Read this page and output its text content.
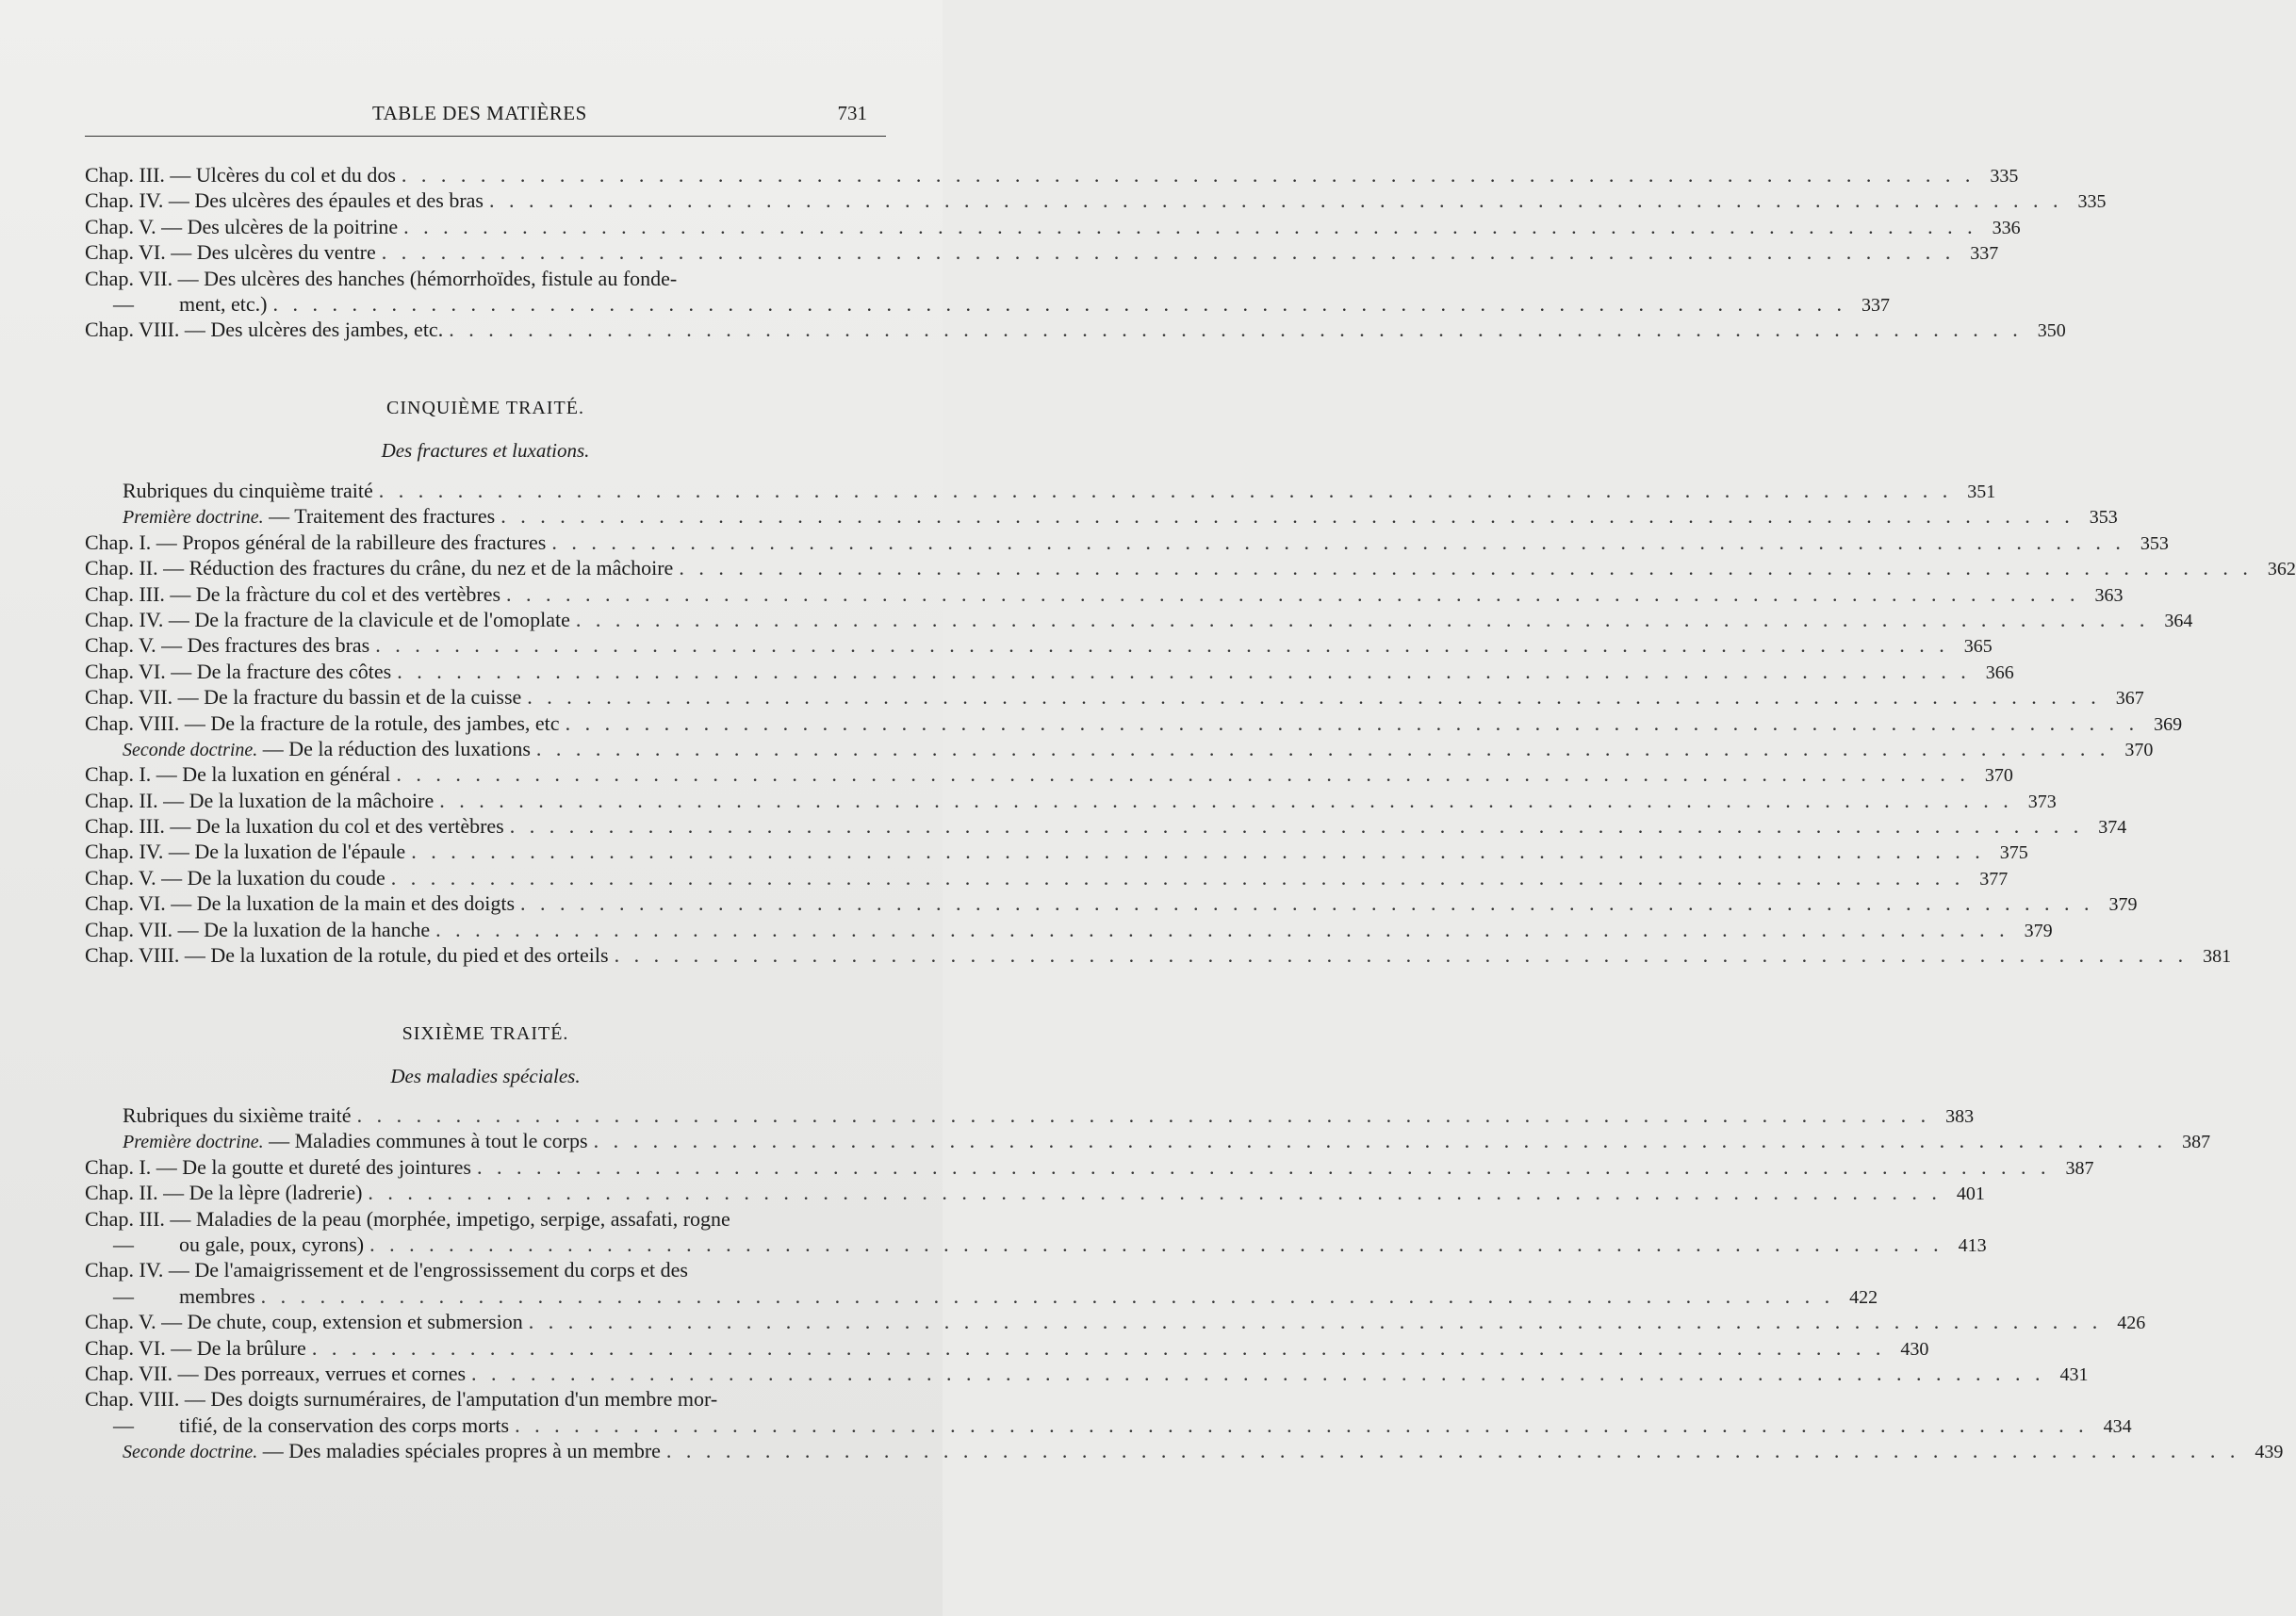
TABLE DES MATIÈRES	731
Chap. III. — Ulcères du col et du dos . . . . . . . . . . . . . . . . . . . . . . . . . . . . . . . . . . . . . . . . . . . . . . . . . . . . . . . . . . . . . . . . . . . . . . . . . . . . . . . . 335
Chap. IV. — Des ulcères des épaules et des bras . . . . . . . . . . . . . . . . . . . . . . . . . . . . . . . . . . . . . . . . . . . . . . . . . . . . . . . . . . . . . . . . . . . . . . . . . . . . . . . . 335
Chap. V. — Des ulcères de la poitrine . . . . . . . . . . . . . . . . . . . . . . . . . . . . . . . . . . . . . . . . . . . . . . . . . . . . . . . . . . . . . . . . . . . . . . . . . . . . . . . . 336
Chap. VI. — Des ulcères du ventre . . . . . . . . . . . . . . . . . . . . . . . . . . . . . . . . . . . . . . . . . . . . . . . . . . . . . . . . . . . . . . . . . . . . . . . . . . . . . . . . 337
Chap. VII. — Des ulcères des hanches (hémorrhoïdes, fistule au fonde-
—	ment, etc.) . . . . . . . . . . . . . . . . . . . . . . . . . . . . . . . . . . . . . . . . . . . . . . . . . . . . . . . . . . . . . . . . . . . . . . . . . . . . . . . . 337
Chap. VIII. — Des ulcères des jambes, etc. . . . . . . . . . . . . . . . . . . . . . . . . . . . . . . . . . . . . . . . . . . . . . . . . . . . . . . . . . . . . . . . . . . . . . . . . . . . . . . . . 350
CINQUIÈME TRAITÉ.
Des fractures et luxations.
Rubriques du cinquième traité . . . . . . . . . . . . . . . . . . . . . . . . . . . . . . . . . . . . . . . . . . . . . . . . . . . . . . . . . . . . . . . . . . . . . . . . . . . . . . . . 351
Première doctrine. — Traitement des fractures . . . . . . . . . . . . . . . . . . . . . . . . . . . . . . . . . . . . . . . . . . . . . . . . . . . . . . . . . . . . . . . . . . . . . . . . . . . . . . . . 353
Chap. I. — Propos général de la rabilleure des fractures . . . . . . . . . . . . . . . . . . . . . . . . . . . . . . . . . . . . . . . . . . . . . . . . . . . . . . . . . . . . . . . . . . . . . . . . . . . . . . . . 353
Chap. II. — Réduction des fractures du crâne, du nez et de la mâchoire . . . . . . . . . . . . . . . . . . . . . . . . . . . . . . . . . . . . . . . . . . . . . . . . . . . . . . . . . . . . . . . . . . . . . . . . . . . . . . . . 362
Chap. III. — De la fràcture du col et des vertèbres . . . . . . . . . . . . . . . . . . . . . . . . . . . . . . . . . . . . . . . . . . . . . . . . . . . . . . . . . . . . . . . . . . . . . . . . . . . . . . . . 363
Chap. IV. — De la fracture de la clavicule et de l'omoplate . . . . . . . . . . . . . . . . . . . . . . . . . . . . . . . . . . . . . . . . . . . . . . . . . . . . . . . . . . . . . . . . . . . . . . . . . . . . . . . . 364
Chap. V. — Des fractures des bras . . . . . . . . . . . . . . . . . . . . . . . . . . . . . . . . . . . . . . . . . . . . . . . . . . . . . . . . . . . . . . . . . . . . . . . . . . . . . . . . 365
Chap. VI. — De la fracture des côtes . . . . . . . . . . . . . . . . . . . . . . . . . . . . . . . . . . . . . . . . . . . . . . . . . . . . . . . . . . . . . . . . . . . . . . . . . . . . . . . . 366
Chap. VII. — De la fracture du bassin et de la cuisse . . . . . . . . . . . . . . . . . . . . . . . . . . . . . . . . . . . . . . . . . . . . . . . . . . . . . . . . . . . . . . . . . . . . . . . . . . . . . . . . 367
Chap. VIII. — De la fracture de la rotule, des jambes, etc . . . . . . . . . . . . . . . . . . . . . . . . . . . . . . . . . . . . . . . . . . . . . . . . . . . . . . . . . . . . . . . . . . . . . . . . . . . . . . . . 369
Seconde doctrine. — De la réduction des luxations . . . . . . . . . . . . . . . . . . . . . . . . . . . . . . . . . . . . . . . . . . . . . . . . . . . . . . . . . . . . . . . . . . . . . . . . . . . . . . . . 370
Chap. I. — De la luxation en général . . . . . . . . . . . . . . . . . . . . . . . . . . . . . . . . . . . . . . . . . . . . . . . . . . . . . . . . . . . . . . . . . . . . . . . . . . . . . . . . 370
Chap. II. — De la luxation de la mâchoire . . . . . . . . . . . . . . . . . . . . . . . . . . . . . . . . . . . . . . . . . . . . . . . . . . . . . . . . . . . . . . . . . . . . . . . . . . . . . . . . 373
Chap. III. — De la luxation du col et des vertèbres . . . . . . . . . . . . . . . . . . . . . . . . . . . . . . . . . . . . . . . . . . . . . . . . . . . . . . . . . . . . . . . . . . . . . . . . . . . . . . . . 374
Chap. IV. — De la luxation de l'épaule . . . . . . . . . . . . . . . . . . . . . . . . . . . . . . . . . . . . . . . . . . . . . . . . . . . . . . . . . . . . . . . . . . . . . . . . . . . . . . . . 375
Chap. V. — De la luxation du coude . . . . . . . . . . . . . . . . . . . . . . . . . . . . . . . . . . . . . . . . . . . . . . . . . . . . . . . . . . . . . . . . . . . . . . . . . . . . . . . . 377
Chap. VI. — De la luxation de la main et des doigts . . . . . . . . . . . . . . . . . . . . . . . . . . . . . . . . . . . . . . . . . . . . . . . . . . . . . . . . . . . . . . . . . . . . . . . . . . . . . . . . 379
Chap. VII. — De la luxation de la hanche . . . . . . . . . . . . . . . . . . . . . . . . . . . . . . . . . . . . . . . . . . . . . . . . . . . . . . . . . . . . . . . . . . . . . . . . . . . . . . . . 379
Chap. VIII. — De la luxation de la rotule, du pied et des orteils . . . . . . . . . . . . . . . . . . . . . . . . . . . . . . . . . . . . . . . . . . . . . . . . . . . . . . . . . . . . . . . . . . . . . . . . . . . . . . . . 381
SIXIÈME TRAITÉ.
Des maladies spéciales.
Rubriques du sixième traité . . . . . . . . . . . . . . . . . . . . . . . . . . . . . . . . . . . . . . . . . . . . . . . . . . . . . . . . . . . . . . . . . . . . . . . . . . . . . . . . 383
Première doctrine. — Maladies communes à tout le corps . . . . . . . . . . . . . . . . . . . . . . . . . . . . . . . . . . . . . . . . . . . . . . . . . . . . . . . . . . . . . . . . . . . . . . . . . . . . . . . . 387
Chap. I. — De la goutte et dureté des jointures . . . . . . . . . . . . . . . . . . . . . . . . . . . . . . . . . . . . . . . . . . . . . . . . . . . . . . . . . . . . . . . . . . . . . . . . . . . . . . . . 387
Chap. II. — De la lèpre (ladrerie) . . . . . . . . . . . . . . . . . . . . . . . . . . . . . . . . . . . . . . . . . . . . . . . . . . . . . . . . . . . . . . . . . . . . . . . . . . . . . . . . 401
Chap. III. — Maladies de la peau (morphée, impetigo, serpige, assafati, rogne
—	ou gale, poux, cyrons) . . . . . . . . . . . . . . . . . . . . . . . . . . . . . . . . . . . . . . . . . . . . . . . . . . . . . . . . . . . . . . . . . . . . . . . . . . . . . . . . 413
Chap. IV. — De l'amaigrissement et de l'engrossissement du corps et des
—	membres . . . . . . . . . . . . . . . . . . . . . . . . . . . . . . . . . . . . . . . . . . . . . . . . . . . . . . . . . . . . . . . . . . . . . . . . . . . . . . . . 422
Chap. V. — De chute, coup, extension et submersion . . . . . . . . . . . . . . . . . . . . . . . . . . . . . . . . . . . . . . . . . . . . . . . . . . . . . . . . . . . . . . . . . . . . . . . . . . . . . . . . 426
Chap. VI. — De la brûlure . . . . . . . . . . . . . . . . . . . . . . . . . . . . . . . . . . . . . . . . . . . . . . . . . . . . . . . . . . . . . . . . . . . . . . . . . . . . . . . . 430
Chap. VII. — Des porreaux, verrues et cornes . . . . . . . . . . . . . . . . . . . . . . . . . . . . . . . . . . . . . . . . . . . . . . . . . . . . . . . . . . . . . . . . . . . . . . . . . . . . . . . . 431
Chap. VIII. — Des doigts surnuméraires, de l'amputation d'un membre mor-
—	tifié, de la conservation des corps morts . . . . . . . . . . . . . . . . . . . . . . . . . . . . . . . . . . . . . . . . . . . . . . . . . . . . . . . . . . . . . . . . . . . . . . . . . . . . . . . . 434
Seconde doctrine. — Des maladies spéciales propres à un membre . . . . . . . . . . . . . . . . . . . . . . . . . . . . . . . . . . . . . . . . . . . . . . . . . . . . . . . . . . . . . . . . . . . . . . . . . . . . . . . . 439
